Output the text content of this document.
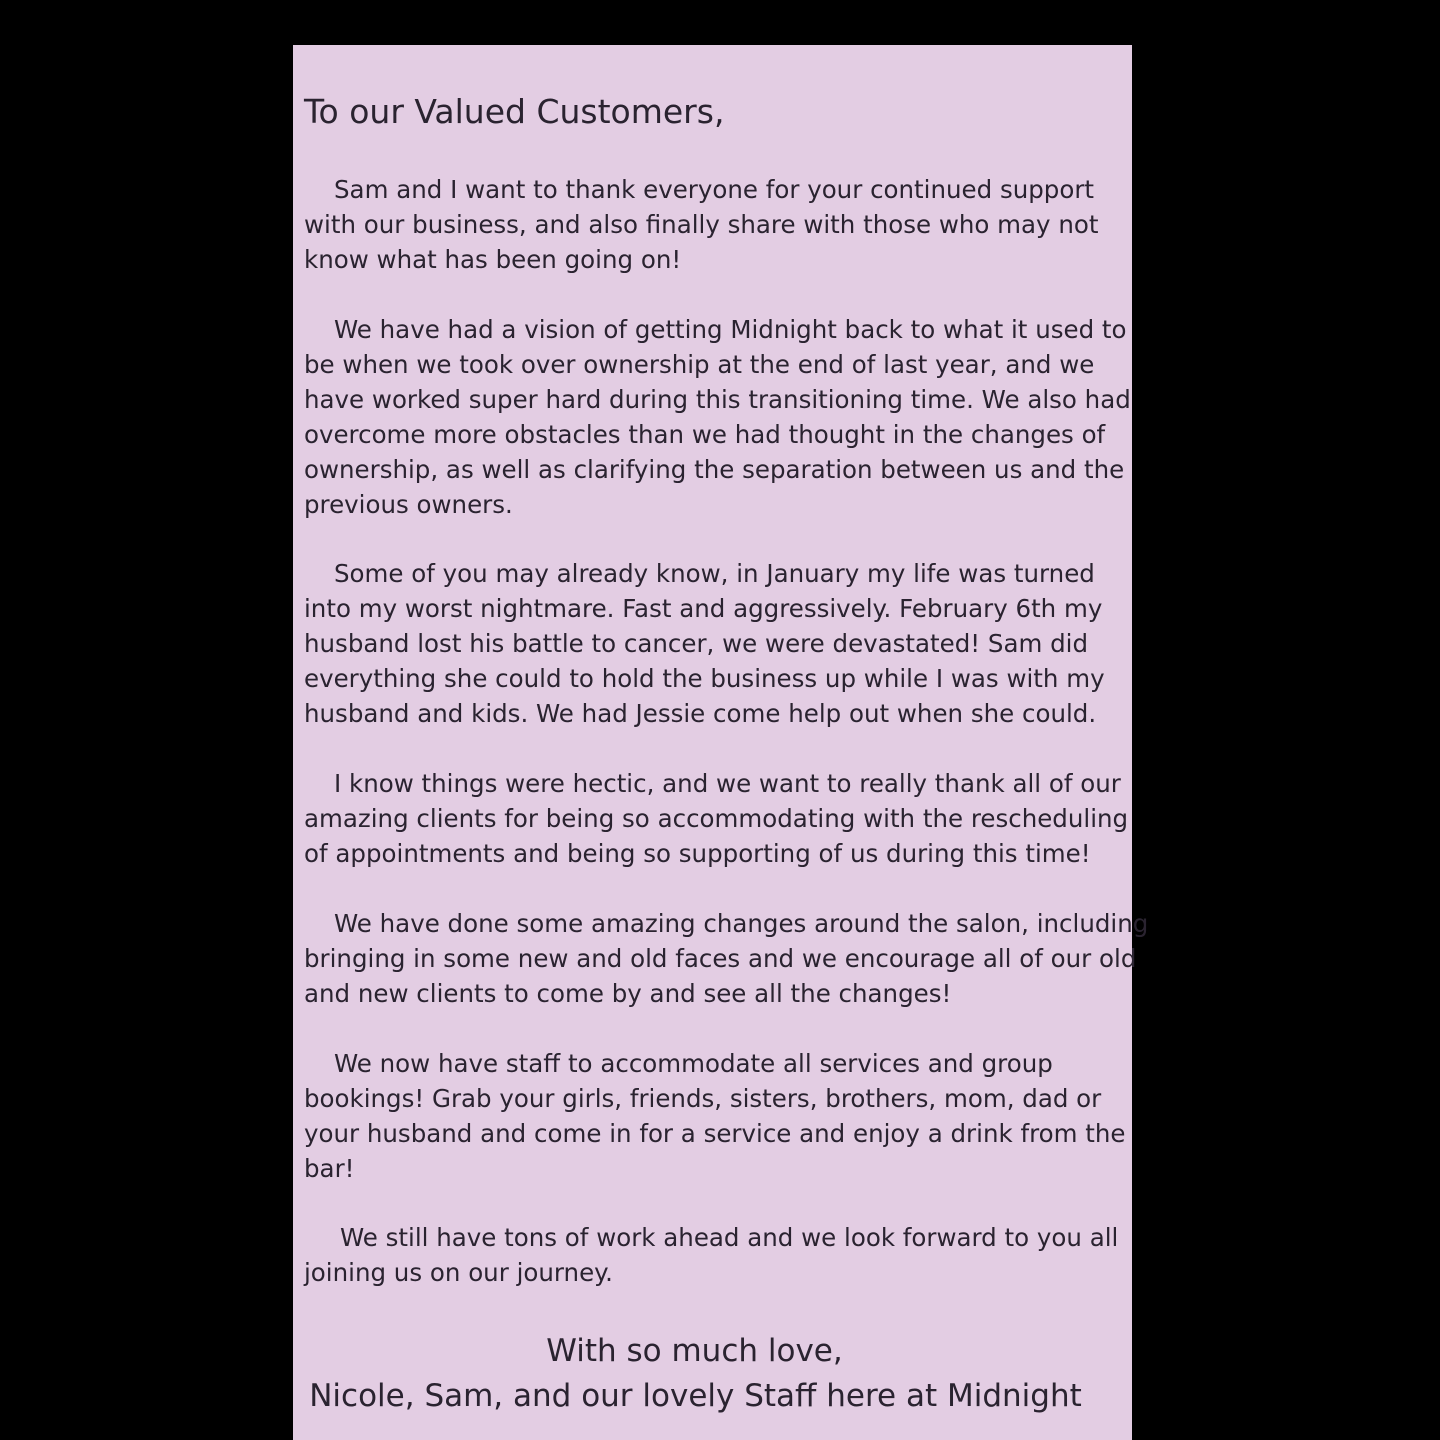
To our Valued Customers,
Sam and I want to thank everyone for your continued support
with our business, and also finally share with those who may not
know what has been going on!
We have had a vision of getting Midnight back to what it used to
be when we took over ownership at the end of last year, and we
have worked super hard during this transitioning time. We also had
overcome more obstacles than we had thought in the changes of
ownership, as well as clarifying the separation between us and the
previous owners.
Some of you may already know, in January my life was turned
into my worst nightmare. Fast and aggressively. February 6th my
husband lost his battle to cancer, we were devastated! Sam did
everything she could to hold the business up while I was with my
husband and kids. We had Jessie come help out when she could.
I know things were hectic, and we want to really thank all of our
amazing clients for being so accommodating with the rescheduling
of appointments and being so supporting of us during this time!
We have done some amazing changes around the salon, including
bringing in some new and old faces and we encourage all of our old
and new clients to come by and see all the changes!
We now have staff to accommodate all services and group
bookings! Grab your girls, friends, sisters, brothers, mom, dad or
your husband and come in for a service and enjoy a drink from the
bar!
We still have tons of work ahead and we look forward to you all
joining us on our journey.
With so much love,
Nicole, Sam, and our lovely Staff here at Midnight
